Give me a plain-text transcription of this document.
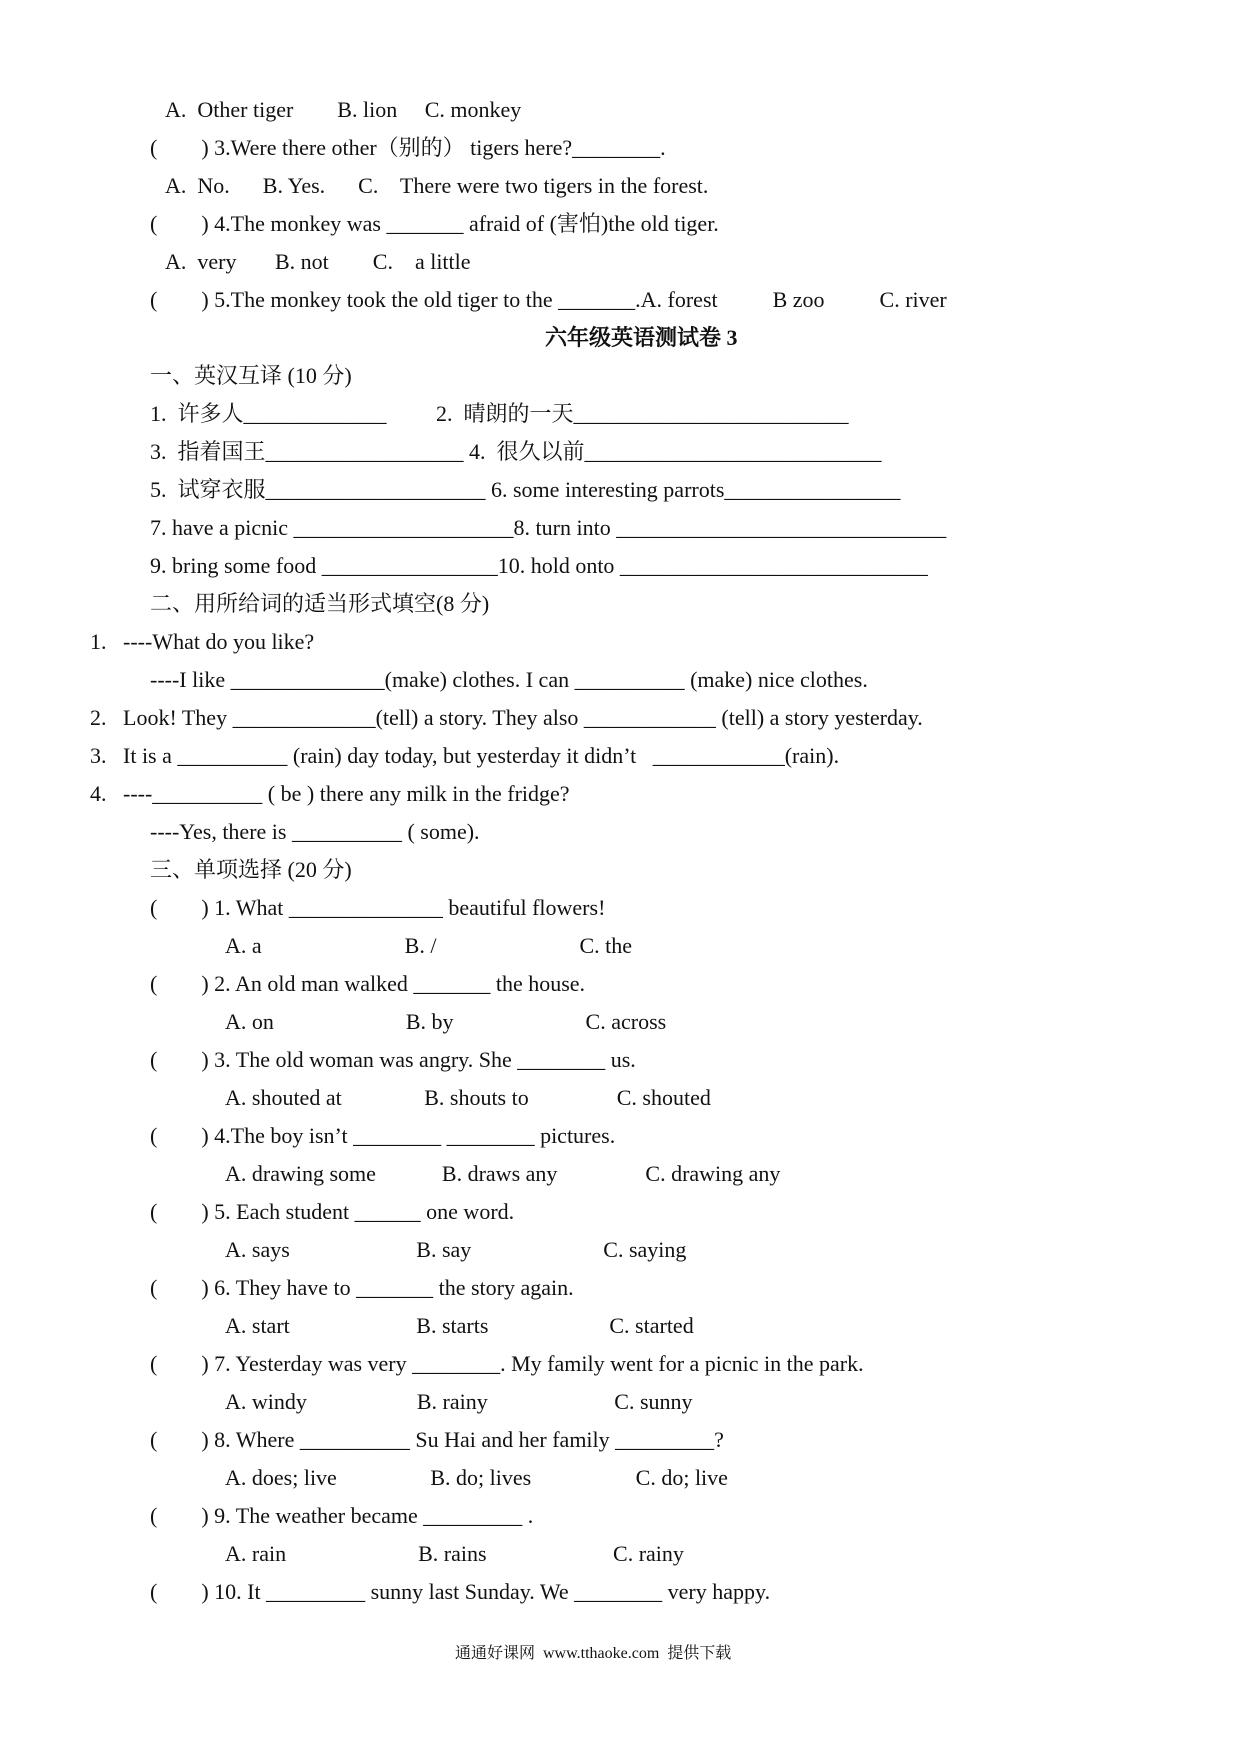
A.  Other tiger        B. lion     C. monkey
(        ) 3.Were there other（别的） tigers here?________.
A.  No.      B. Yes.      C.    There were two tigers in the forest.
(        ) 4.The monkey was _______ afraid of (害怕)the old tiger.
A.  very       B. not        C.    a little
(        ) 5.The monkey took the old tiger to the _______.A. forest          B zoo          C. river
六年级英语测试卷 3
一、英汉互译 (10 分)
1.  许多人_____________         2.  晴朗的一天_________________________
3.  指着国王__________________ 4.  很久以前___________________________
5.  试穿衣服____________________ 6. some interesting parrots________________
7. have a picnic ____________________8. turn into ______________________________
9. bring some food ________________10. hold onto ____________________________
二、用所给词的适当形式填空(8 分)
1.   ----What do you like?
----I like ______________(make) clothes. I can __________ (make) nice clothes.
2.   Look! They _____________(tell) a story. They also ____________ (tell) a story yesterday.
3.   It is a __________ (rain) day today, but yesterday it didn’t   ____________(rain).
4.   ----__________ ( be ) there any milk in the fridge?
----Yes, there is __________ ( some).
三、单项选择 (20 分)
(        ) 1. What ______________ beautiful flowers!
A. a                          B. /                          C. the
(        ) 2. An old man walked _______ the house.
A. on                        B. by                        C. across
(        ) 3. The old woman was angry. She ________ us.
A. shouted at               B. shouts to                C. shouted
(        ) 4.The boy isn’t ________ ________ pictures.
A. drawing some            B. draws any                C. drawing any
(        ) 5. Each student ______ one word.
A. says                       B. say                        C. saying
(        ) 6. They have to _______ the story again.
A. start                       B. starts                      C. started
(        ) 7. Yesterday was very ________. My family went for a picnic in the park.
A. windy                    B. rainy                       C. sunny
(        ) 8. Where __________ Su Hai and her family _________?
A. does; live                 B. do; lives                   C. do; live
(        ) 9. The weather became _________ .
A. rain                        B. rains                       C. rainy
(        ) 10. It _________ sunny last Sunday. We ________ very happy.
通通好课网  www.tthaoke.com  提供下载
